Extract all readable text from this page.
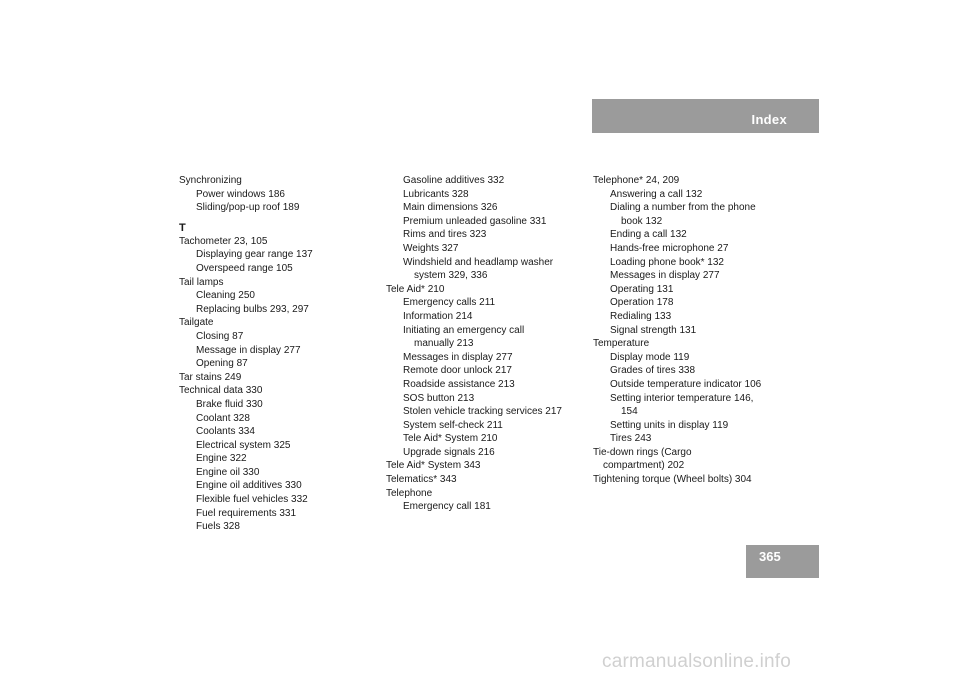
Index
Synchronizing
Power windows 186
Sliding/pop-up roof 189
T
Tachometer 23, 105
Displaying gear range 137
Overspeed range 105
Tail lamps
Cleaning 250
Replacing bulbs 293, 297
Tailgate
Closing 87
Message in display 277
Opening 87
Tar stains 249
Technical data 330
Brake fluid 330
Coolant 328
Coolants 334
Electrical system 325
Engine 322
Engine oil 330
Engine oil additives 330
Flexible fuel vehicles 332
Fuel requirements 331
Fuels 328
Gasoline additives 332
Lubricants 328
Main dimensions 326
Premium unleaded gasoline 331
Rims and tires 323
Weights 327
Windshield and headlamp washer
system 329, 336
Tele Aid* 210
Emergency calls 211
Information 214
Initiating an emergency call
manually 213
Messages in display 277
Remote door unlock 217
Roadside assistance 213
SOS button 213
Stolen vehicle tracking services 217
System self-check 211
Tele Aid* System 210
Upgrade signals 216
Tele Aid* System 343
Telematics* 343
Telephone
Emergency call 181
Telephone* 24, 209
Answering a call 132
Dialing a number from the phone
book 132
Ending a call 132
Hands-free microphone 27
Loading phone book* 132
Messages in display 277
Operating 131
Operation 178
Redialing 133
Signal strength 131
Temperature
Display mode 119
Grades of tires 338
Outside temperature indicator 106
Setting interior temperature 146,
154
Setting units in display 119
Tires 243
Tie-down rings (Cargo
compartment) 202
Tightening torque (Wheel bolts) 304
365
carmanualsonline.info
